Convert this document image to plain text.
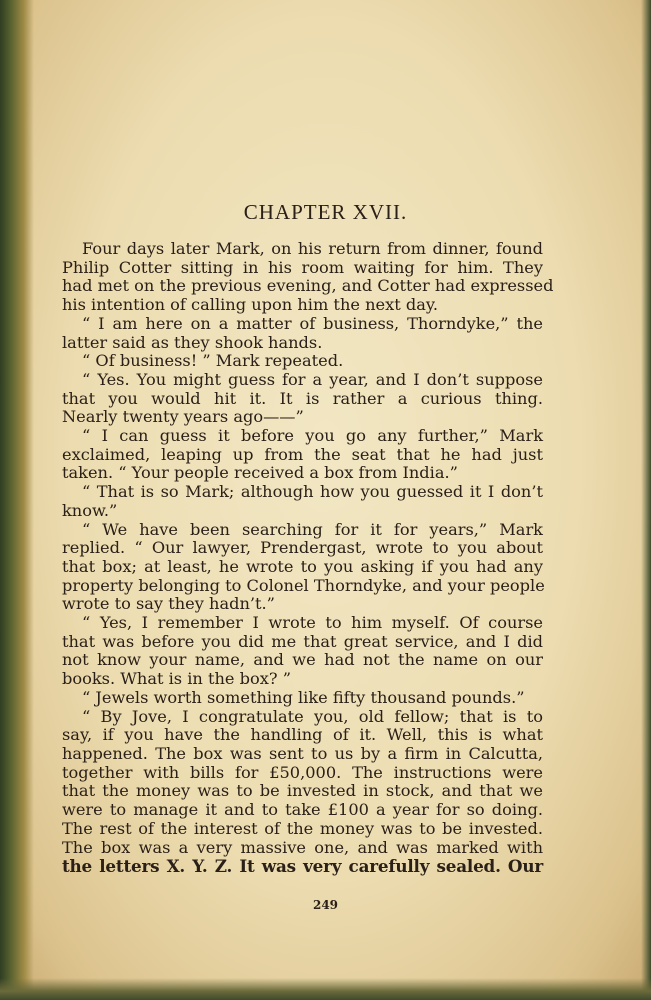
CHAPTER XVII.
Four days later Mark, on his return from dinner, found
Philip Cotter sitting in his room waiting for him. They
had met on the previous evening, and Cotter had expressed
his intention of calling upon him the next day.
“ I am here on a matter of business, Thorndyke,” the
latter said as they shook hands.
“ Of business! ” Mark repeated.
“ Yes. You might guess for a year, and I don’t suppose
that you would hit it. It is rather a curious thing.
Nearly twenty years ago——”
“ I can guess it before you go any further,” Mark
exclaimed, leaping up from the seat that he had just
taken. “ Your people received a box from India.”
“ That is so Mark; although how you guessed it I don’t
know.”
“ We have been searching for it for years,” Mark
replied. “ Our lawyer, Prendergast, wrote to you about
that box; at least, he wrote to you asking if you had any
property belonging to Colonel Thorndyke, and your people
wrote to say they hadn’t.”
“ Yes, I remember I wrote to him myself. Of course
that was before you did me that great service, and I did
not know your name, and we had not the name on our
books. What is in the box? ”
“ Jewels worth something like fifty thousand pounds.”
“ By Jove, I congratulate you, old fellow; that is to
say, if you have the handling of it. Well, this is what
happened. The box was sent to us by a firm in Calcutta,
together with bills for £50,000. The instructions were
that the money was to be invested in stock, and that we
were to manage it and to take £100 a year for so doing.
The rest of the interest of the money was to be invested.
The box was a very massive one, and was marked with
the letters X. Y. Z. It was very carefully sealed. Our
249
